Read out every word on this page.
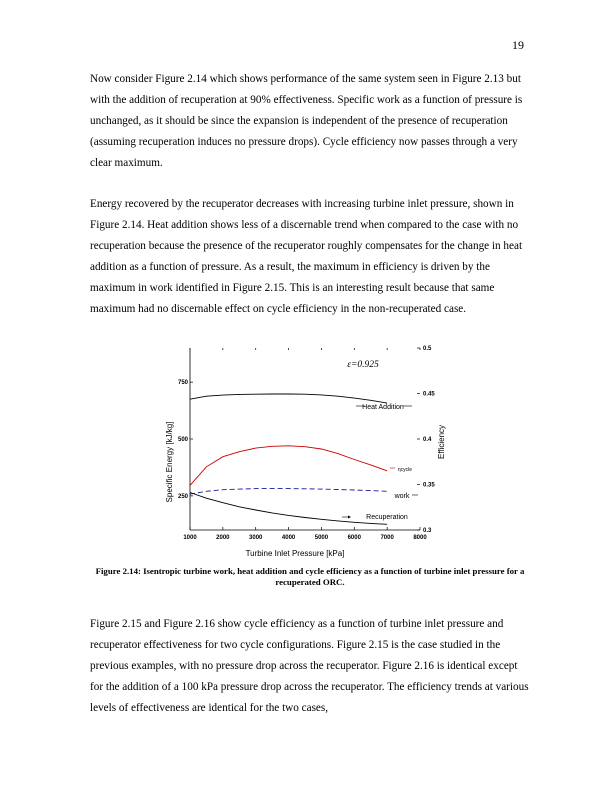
19

Now consider Figure 2.14 which shows performance of the same system seen in Figure 2.13 but with the addition of recuperation at 90% effectiveness. Specific work as a function of pressure is unchanged, as it should be since the expansion is independent of the presence of recuperation (assuming recuperation induces no pressure drops). Cycle efficiency now passes through a very clear maximum.

Energy recovered by the recuperator decreases with increasing turbine inlet pressure, shown in Figure 2.14. Heat addition shows less of a discernable trend when compared to the case with no recuperation because the presence of the recuperator roughly compensates for the change in heat addition as a function of pressure. As a result, the maximum in efficiency is driven by the maximum in work identified in Figure 2.15. This is an interesting result because that same maximum had no discernable effect on cycle efficiency in the non-recuperated case.

1000	2000	3000	4000	5000	6000	7000	8000
250
500
750
0.3
0.35
0.4
0.45
0.5
Turbine Inlet Pressure [kPa]
Specific Energy [kJ/kg]	Efficiency
ε=0.925
Heat Addition
ηcycle
work
Recuperation
Figure 2.14: Isentropic turbine work, heat addition and cycle efficiency as a function of turbine inlet pressure for a recuperated ORC.

Figure 2.15 and Figure 2.16 show cycle efficiency as a function of turbine inlet pressure and recuperator effectiveness for two cycle configurations. Figure 2.15 is the case studied in the previous examples, with no pressure drop across the recuperator. Figure 2.16 is identical except for the addition of a 100 kPa pressure drop across the recuperator. The efficiency trends at various levels of effectiveness are identical for the two cases,
